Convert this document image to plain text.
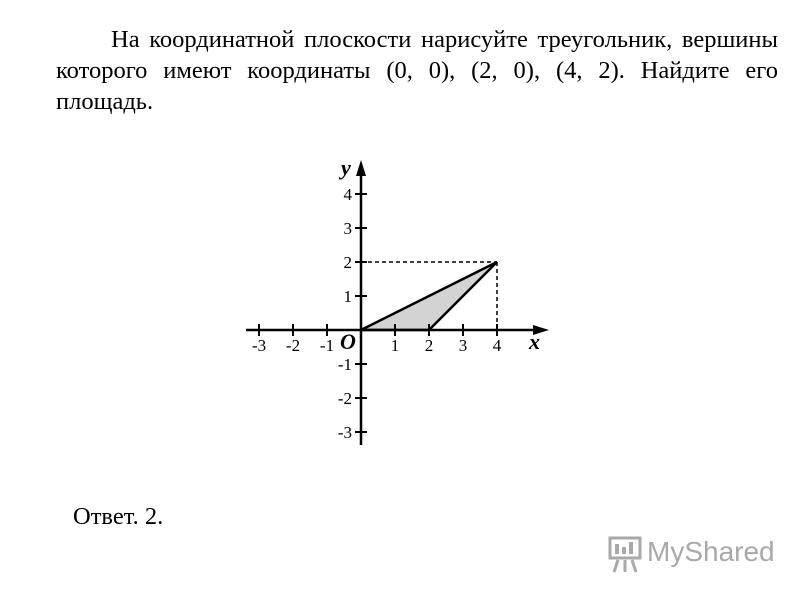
На координатной плоскости нарисуйте треугольник, вершины которого имеют координаты (0, 0), (2, 0), (4, 2). Найдите его площадь.

-3 -2 -1	1 2 3 4
4
3
2
1
-1
-2
-3
y
x
O

Ответ. 2.

MyShared
